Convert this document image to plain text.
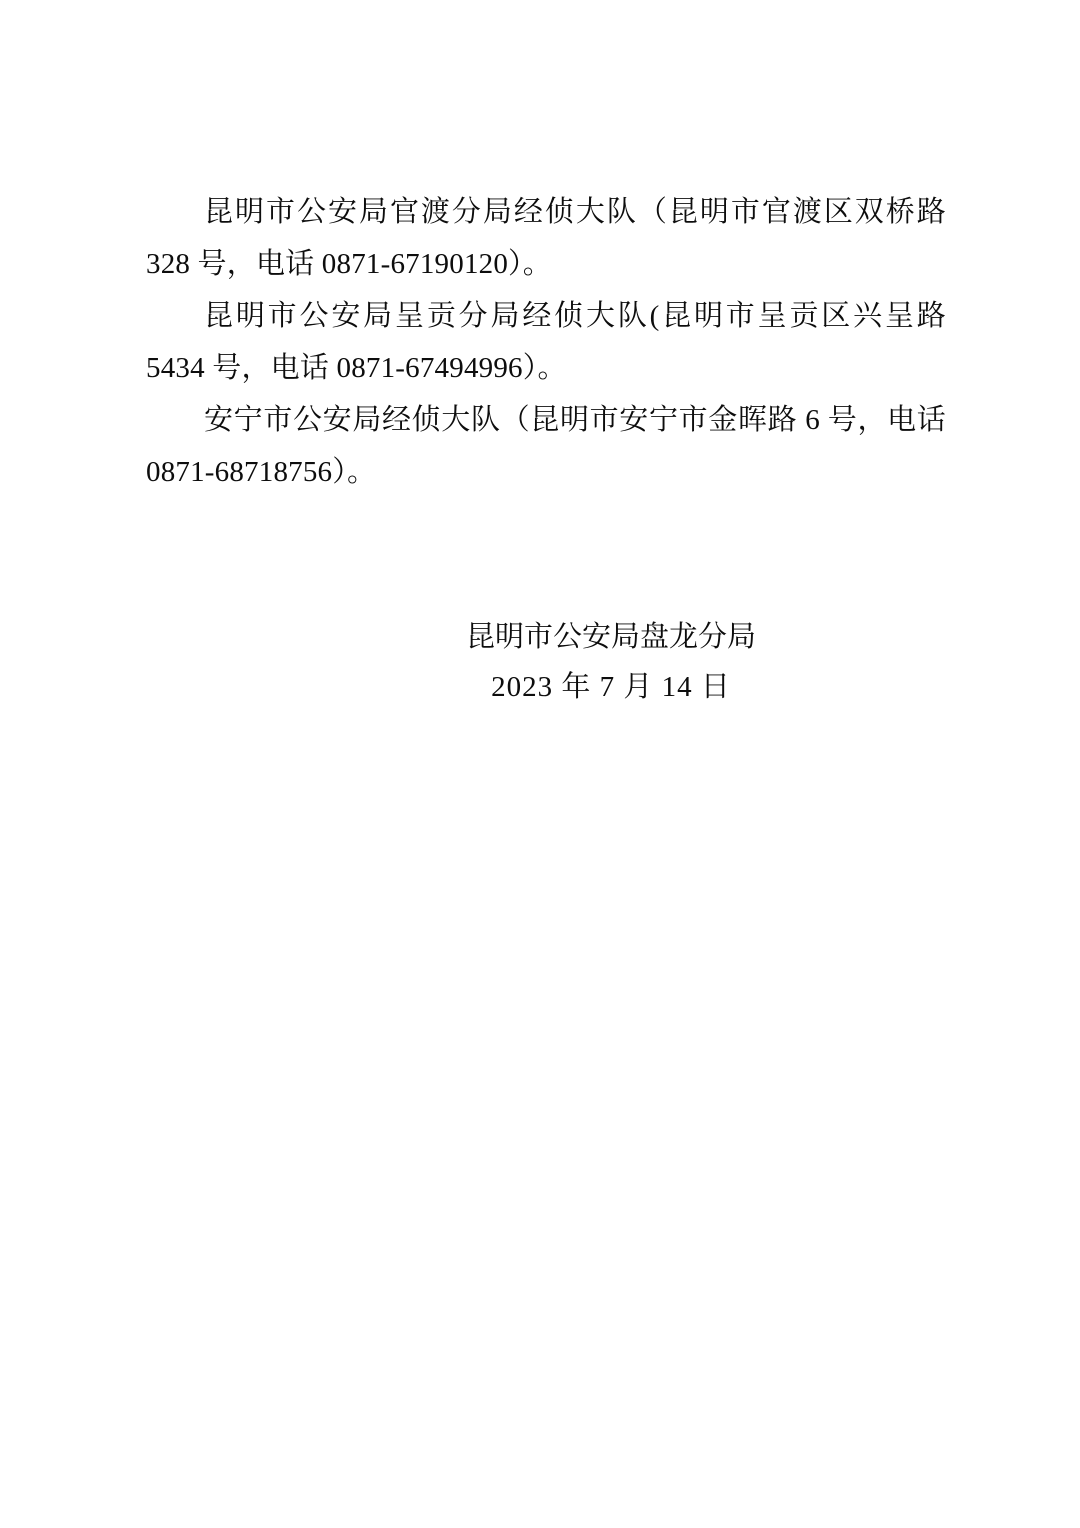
昆明市公安局官渡分局经侦大队（昆明市官渡区双桥路 328 号，电话 0871-67190120）。

昆明市公安局呈贡分局经侦大队(昆明市呈贡区兴呈路 5434 号，电话 0871-67494996）。

安宁市公安局经侦大队（昆明市安宁市金晖路 6 号，电话 0871-68718756）。

昆明市公安局盘龙分局
2023 年 7 月 14 日
